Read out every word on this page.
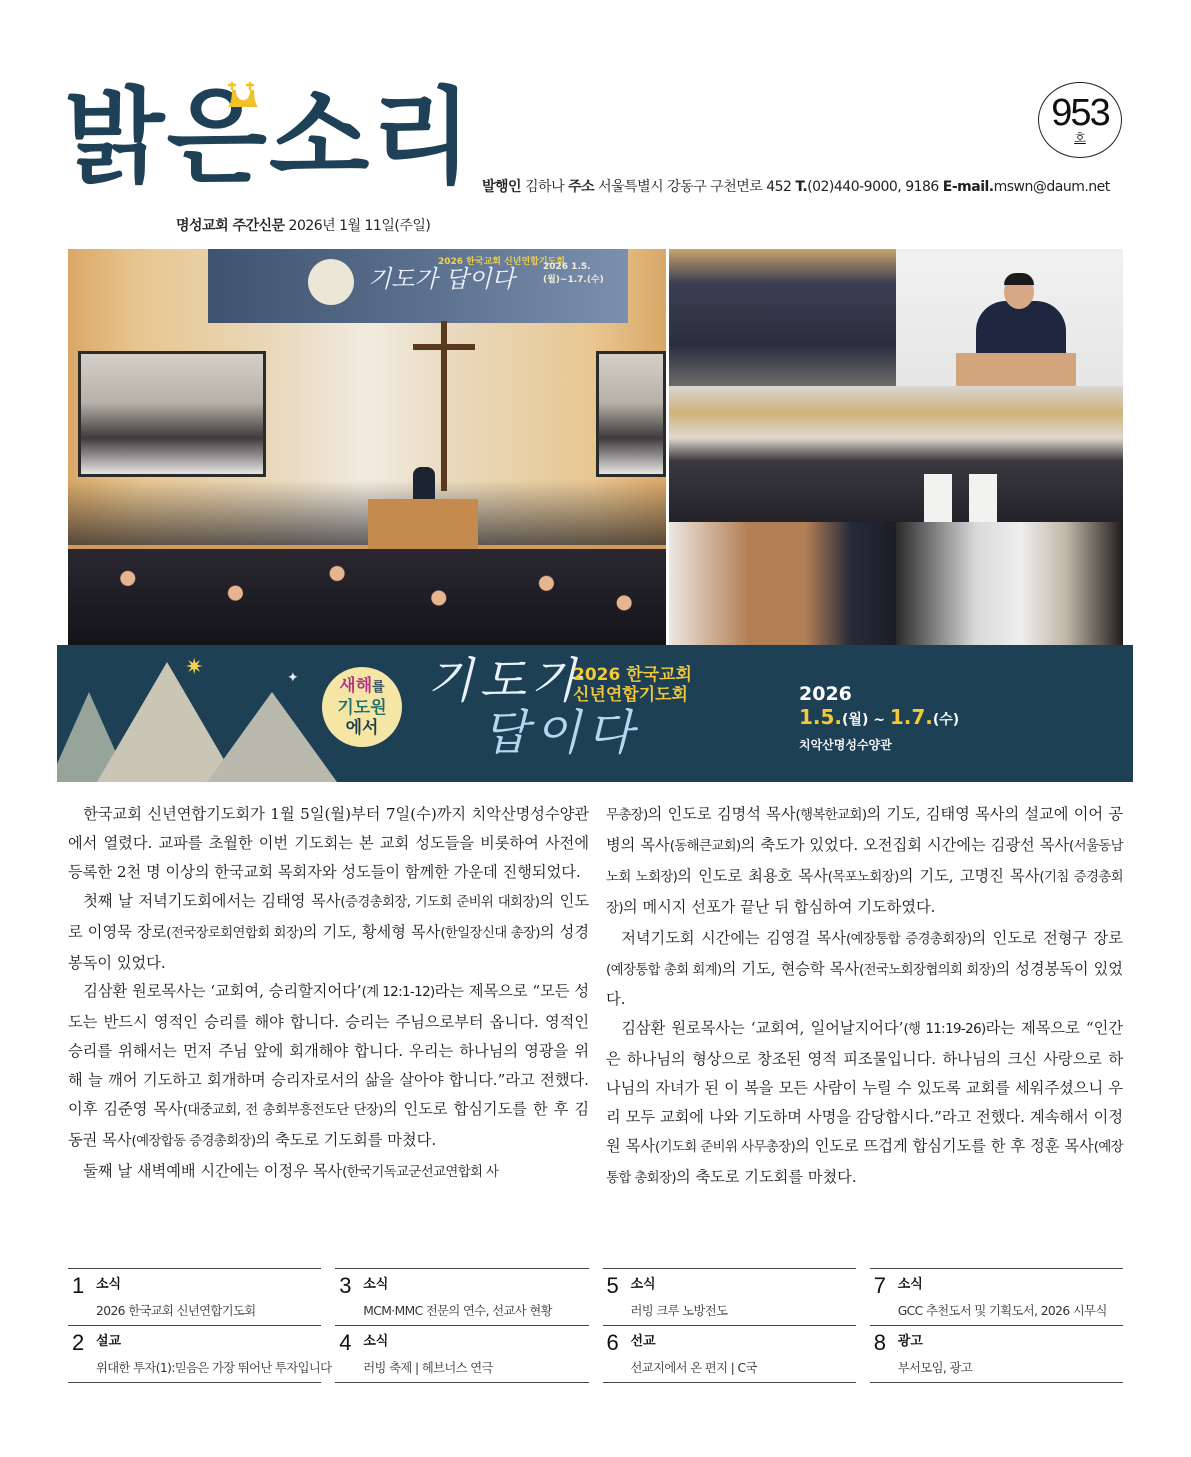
밝은소리	953
호
발행인 김하나 주소 서울특별시 강동구 구천면로 452 T.(02)440-9000, 9186 E-mail.mswn@daum.net
명성교회 주간신문 2026년 1월 11일(주일)
기도가 답이다
2026 한국교회 신년연합기도회
2026 1.5.(월)~1.7.(수)
✷	✦ 새해를
기도원
에서
기도가
답이다
2026 한국교회
신년연합기도회	2026
1.5.(월) ~ 1.7.(수)
치악산명성수양관

한국교회 신년연합기도회가 1월 5일(월)부터 7일(수)까지 치악산명성수양관에서 열렸다. 교파를 초월한 이번 기도회는 본 교회 성도들을 비롯하여 사전에 등록한 2천 명 이상의 한국교회 목회자와 성도들이 함께한 가운데 진행되었다.

첫째 날 저녁기도회에서는 김태영 목사(증경총회장, 기도회 준비위 대회장)의 인도로 이영묵 장로(전국장로회연합회 회장)의 기도, 황세형 목사(한일장신대 총장)의 성경봉독이 있었다.

김삼환 원로목사는 ‘교회여, 승리할지어다’(계 12:1-12)라는 제목으로 “모든 성도는 반드시 영적인 승리를 해야 합니다. 승리는 주님으로부터 옵니다. 영적인 승리를 위해서는 먼저 주님 앞에 회개해야 합니다. 우리는 하나님의 영광을 위해 늘 깨어 기도하고 회개하며 승리자로서의 삶을 살아야 합니다.”라고 전했다. 이후 김준영 목사(대중교회, 전 총회부흥전도단 단장)의 인도로 합심기도를 한 후 김동권 목사(예장합동 증경총회장)의 축도로 기도회를 마쳤다.

둘째 날 새벽예배 시간에는 이정우 목사(한국기독교군선교연합회 사

무총장)의 인도로 김명석 목사(행복한교회)의 기도, 김태영 목사의 설교에 이어 공병의 목사(동해큰교회)의 축도가 있었다. 오전집회 시간에는 김광선 목사(서울동남노회 노회장)의 인도로 최용호 목사(목포노회장)의 기도, 고명진 목사(기침 증경총회장)의 메시지 선포가 끝난 뒤 합심하여 기도하였다.

저녁기도회 시간에는 김영걸 목사(예장통합 증경총회장)의 인도로 전형구 장로(예장통합 총회 회계)의 기도, 현승학 목사(전국노회장협의회 회장)의 성경봉독이 있었다.

김삼환 원로목사는 ‘교회여, 일어날지어다’(행 11:19-26)라는 제목으로 “인간은 하나님의 형상으로 창조된 영적 피조물입니다. 하나님의 크신 사랑으로 하나님의 자녀가 된 이 복을 모든 사람이 누릴 수 있도록 교회를 세워주셨으니 우리 모두 교회에 나와 기도하며 사명을 감당합시다.”라고 전했다. 계속해서 이정원 목사(기도회 준비위 사무총장)의 인도로 뜨겁게 합심기도를 한 후 정훈 목사(예장통합 총회장)의 축도로 기도회를 마쳤다.

1 소식
2026 한국교회 신년연합기도회
2 설교
위대한 투자(1):믿음은 가장 뛰어난 투자입니다
3 소식
MCM·MMC 전문의 연수, 선교사 현황
4 소식
러빙 축제 | 헤브너스 연극
5 소식
러빙 크루 노방전도
6 선교
선교지에서 온 편지 | C국
7 소식
GCC 추천도서 및 기획도서, 2026 시무식
8 광고
부서모임, 광고
